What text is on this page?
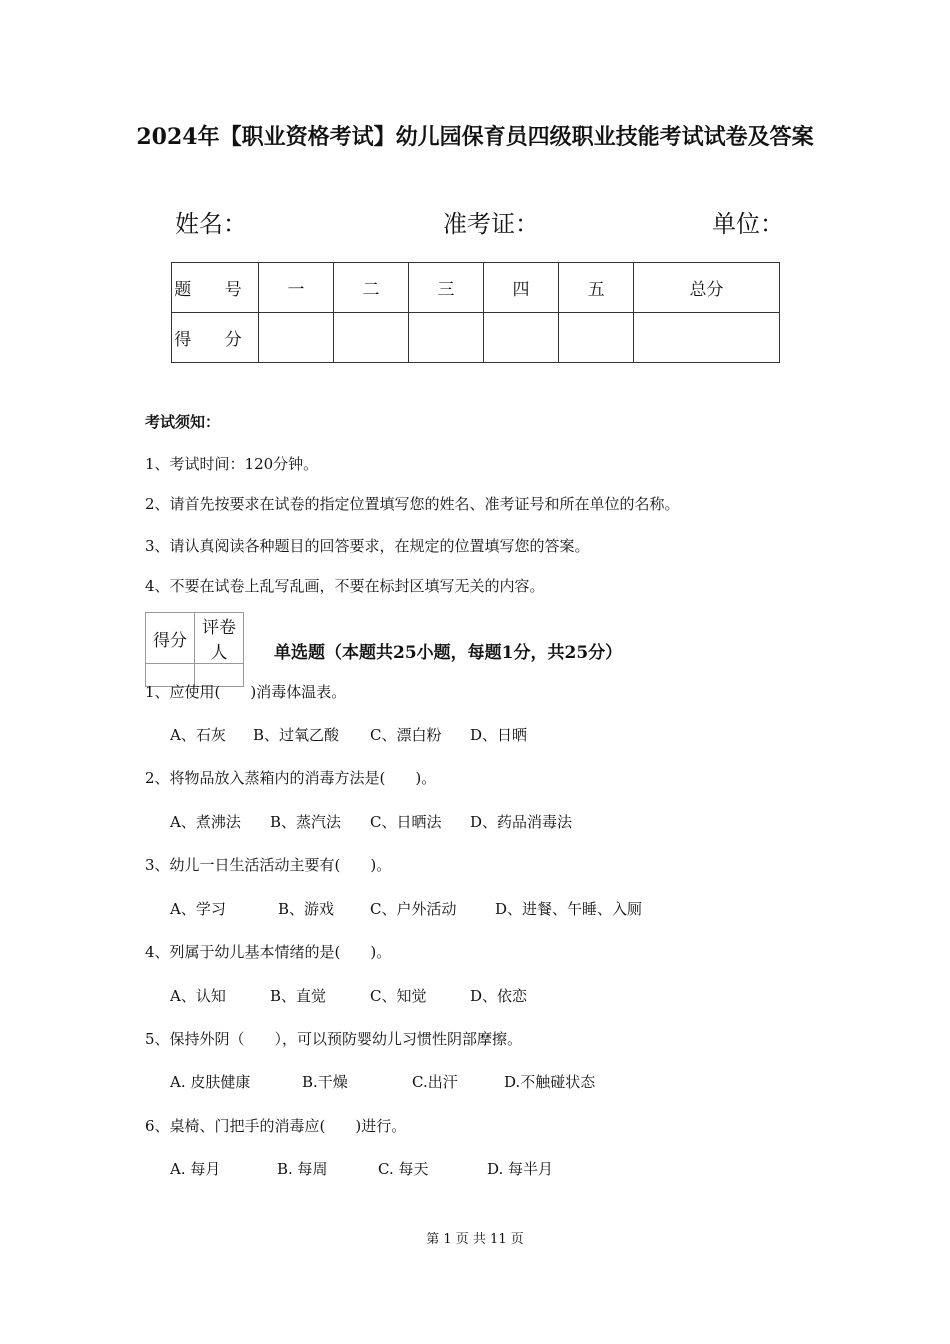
2024年【职业资格考试】幼儿园保育员四级职业技能考试试卷及答案
姓名：	准考证：	单位：
题 号	一	二	三	四	五	总分
得 分						
考试须知：
1、考试时间：120分钟。
2、请首先按要求在试卷的指定位置填写您的姓名、准考证号和所在单位的名称。
3、请认真阅读各种题目的回答要求，在规定的位置填写您的答案。
4、不要在试卷上乱写乱画，不要在标封区填写无关的内容。
得分	评卷人
		单选题（本题共25小题，每题1分，共25分）
1、应使用(　　)消毒体温表。
A、石灰 B、过氧乙酸 C、漂白粉 D、日晒
2、将物品放入蒸箱内的消毒方法是(　　)。
A、煮沸法 B、蒸汽法 C、日晒法 D、药品消毒法
3、幼儿一日生活活动主要有(　　)。
A、学习	B、游戏 C、户外活动	D、进餐、午睡、入厕
4、列属于幼儿基本情绪的是(　　)。
A、认知	B、直觉	C、知觉	D、依恋
5、保持外阴（　　），可以预防婴幼儿习惯性阴部摩擦。
A. 皮肤健康	B.干燥	C.出汗	D.不触碰状态
6、桌椅、门把手的消毒应(　　)进行。
A. 每月	B. 每周	C. 每天	D. 每半月
第 1 页 共 11 页
